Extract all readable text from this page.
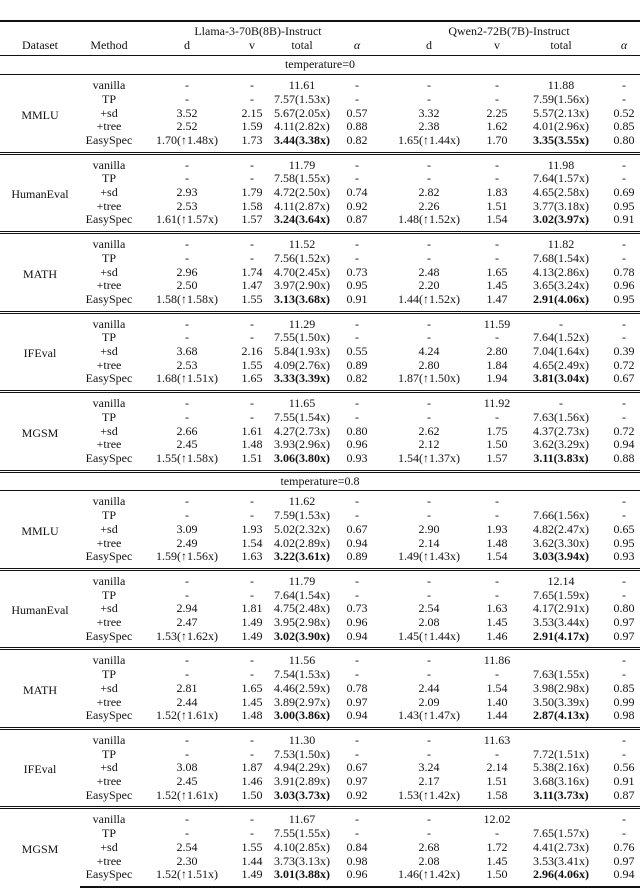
		Llama-3-70B(8B)-Instruct				Qwen2-72B(7B)-Instruct			
Dataset	Method	d	v	total	α	d	v	total	α
temperature=0									
MMLU	vanilla	-	-	11.61	-	-	-	11.88	-
	TP	-	-	7.57(1.53x)	-	-	-	7.59(1.56x)	-
	+sd	3.52	2.15	5.67(2.05x)	0.57	3.32	2.25	5.57(2.13x)	0.52
	+tree	2.52	1.59	4.11(2.82x)	0.88	2.38	1.62	4.01(2.96x)	0.85
	EasySpec	1.70(↑1.48x)	1.73	3.44(3.38x)	0.82	1.65(↑1.44x)	1.70	3.35(3.55x)	0.80
HumanEval	vanilla	-	-	11.79	-	-	-	11.98	-
	TP	-	-	7.58(1.55x)	-	-	-	7.64(1.57x)	-
	+sd	2.93	1.79	4.72(2.50x)	0.74	2.82	1.83	4.65(2.58x)	0.69
	+tree	2.53	1.58	4.11(2.87x)	0.92	2.26	1.51	3.77(3.18x)	0.95
	EasySpec	1.61(↑1.57x)	1.57	3.24(3.64x)	0.87	1.48(↑1.52x)	1.54	3.02(3.97x)	0.91
MATH	vanilla	-	-	11.52	-	-	-	11.82	-
	TP	-	-	7.56(1.52x)	-	-	-	7.68(1.54x)	-
	+sd	2.96	1.74	4.70(2.45x)	0.73	2.48	1.65	4.13(2.86x)	0.78
	+tree	2.50	1.47	3.97(2.90x)	0.95	2.20	1.45	3.65(3.24x)	0.96
	EasySpec	1.58(↑1.58x)	1.55	3.13(3.68x)	0.91	1.44(↑1.52x)	1.47	2.91(4.06x)	0.95
IFEval	vanilla	-	-	11.29	-	-	11.59	-	-
	TP	-	-	7.55(1.50x)	-	-	-	7.64(1.52x)	-
	+sd	3.68	2.16	5.84(1.93x)	0.55	4.24	2.80	7.04(1.64x)	0.39
	+tree	2.53	1.55	4.09(2.76x)	0.89	2.80	1.84	4.65(2.49x)	0.72
	EasySpec	1.68(↑1.51x)	1.65	3.33(3.39x)	0.82	1.87(↑1.50x)	1.94	3.81(3.04x)	0.67
MGSM	vanilla	-	-	11.65	-	-	11.92	-	-
	TP	-	-	7.55(1.54x)	-	-	-	7.63(1.56x)	-
	+sd	2.66	1.61	4.27(2.73x)	0.80	2.62	1.75	4.37(2.73x)	0.72
	+tree	2.45	1.48	3.93(2.96x)	0.96	2.12	1.50	3.62(3.29x)	0.94
	EasySpec	1.55(↑1.58x)	1.51	3.06(3.80x)	0.93	1.54(↑1.37x)	1.57	3.11(3.83x)	0.88
temperature=0.8									
MMLU	vanilla	-	-	11.62	-	-	-		-
	TP	-	-	7.59(1.53x)	-	-	-	7.66(1.56x)	-
	+sd	3.09	1.93	5.02(2.32x)	0.67	2.90	1.93	4.82(2.47x)	0.65
	+tree	2.49	1.54	4.02(2.89x)	0.94	2.14	1.48	3.62(3.30x)	0.95
	EasySpec	1.59(↑1.56x)	1.63	3.22(3.61x)	0.89	1.49(↑1.43x)	1.54	3.03(3.94x)	0.93
HumanEval	vanilla	-	-	11.79	-	-	-	12.14	-
	TP	-	-	7.64(1.54x)	-	-	-	7.65(1.59x)	-
	+sd	2.94	1.81	4.75(2.48x)	0.73	2.54	1.63	4.17(2.91x)	0.80
	+tree	2.47	1.49	3.95(2.98x)	0.96	2.08	1.45	3.53(3.44x)	0.97
	EasySpec	1.53(↑1.62x)	1.49	3.02(3.90x)	0.94	1.45(↑1.44x)	1.46	2.91(4.17x)	0.97
MATH	vanilla	-	-	11.56	-	-	11.86		-
	TP	-	-	7.54(1.53x)	-	-	-	7.63(1.55x)	-
	+sd	2.81	1.65	4.46(2.59x)	0.78	2.44	1.54	3.98(2.98x)	0.85
	+tree	2.44	1.45	3.89(2.97x)	0.97	2.09	1.40	3.50(3.39x)	0.99
	EasySpec	1.52(↑1.61x)	1.48	3.00(3.86x)	0.94	1.43(↑1.47x)	1.44	2.87(4.13x)	0.98
IFEval	vanilla	-	-	11.30	-	-	11.63		-
	TP	-	-	7.53(1.50x)	-	-	-	7.72(1.51x)	-
	+sd	3.08	1.87	4.94(2.29x)	0.67	3.24	2.14	5.38(2.16x)	0.56
	+tree	2.45	1.46	3.91(2.89x)	0.97	2.17	1.51	3.68(3.16x)	0.91
	EasySpec	1.52(↑1.61x)	1.50	3.03(3.73x)	0.92	1.53(↑1.42x)	1.58	3.11(3.73x)	0.87
MGSM	vanilla	-	-	11.67	-	-	12.02		-
	TP	-	-	7.55(1.55x)	-	-	-	7.65(1.57x)	-
	+sd	2.54	1.55	4.10(2.85x)	0.84	2.68	1.72	4.41(2.73x)	0.76
	+tree	2.30	1.44	3.73(3.13x)	0.98	2.08	1.45	3.53(3.41x)	0.97
	EasySpec	1.52(↑1.51x)	1.49	3.01(3.88x)	0.96	1.46(↑1.42x)	1.50	2.96(4.06x)	0.94
